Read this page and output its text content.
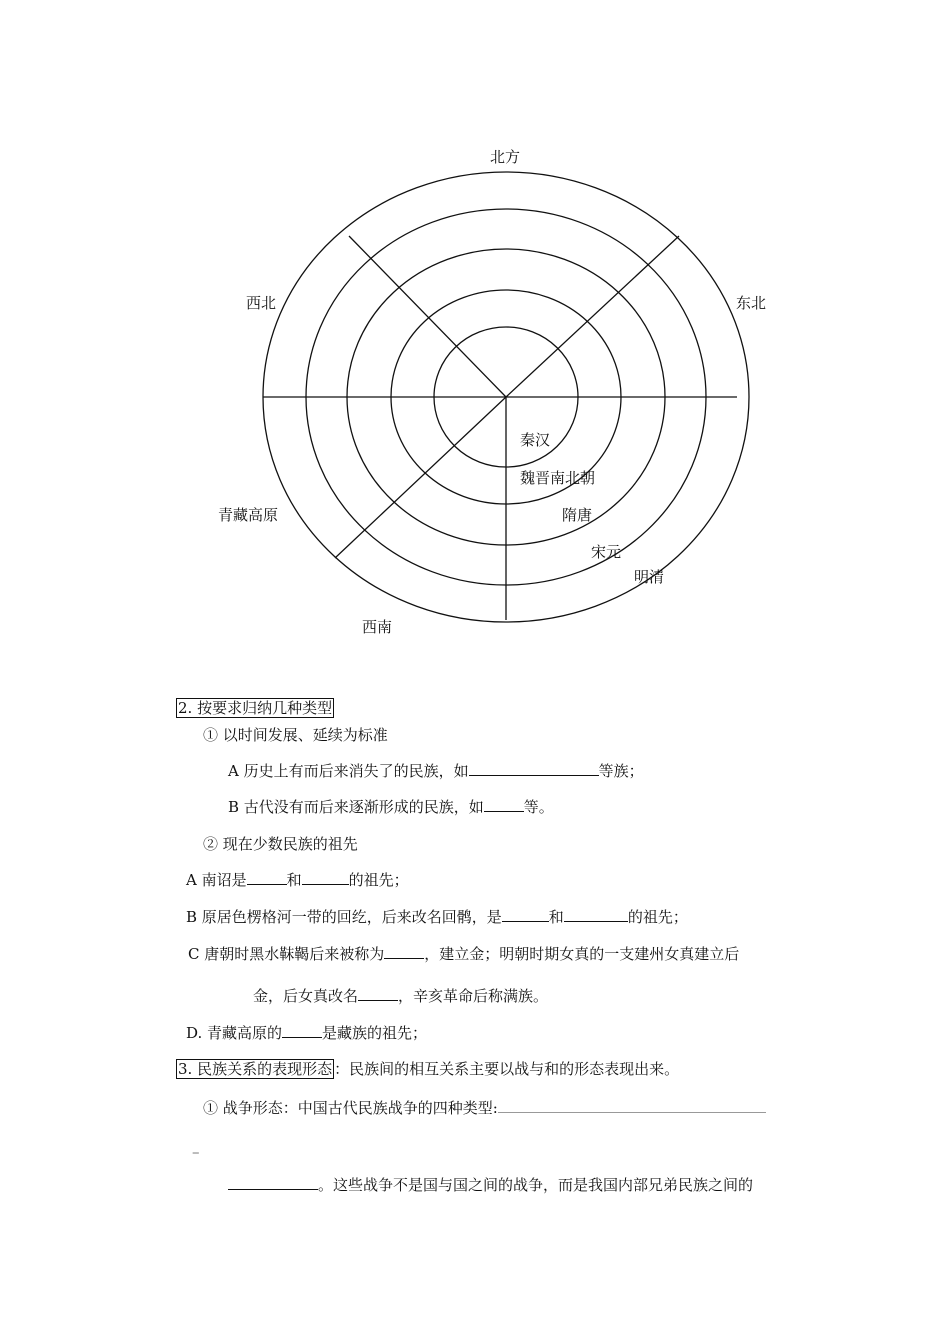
北方
西北	东北
青藏高原
西南
秦汉
魏晋南北朝
隋唐
宋元
明清
2. 按要求归纳几种类型
① 以时间发展、延续为标准
A 历史上有而后来消失了的民族，如	等族；
B 古代没有而后来逐渐形成的民族，如	等。
② 现在少数民族的祖先
A 南诏是	和	的祖先；
B 原居色楞格河一带的回纥，后来改名回鹘，是	和	的祖先；
C 唐朝时黑水靺鞨后来被称为	，建立金；明朝时期女真的一支建州女真建立后
金，后女真改名	，辛亥革命后称满族。
D. 青藏高原的	是藏族的祖先；
3. 民族关系的表现形态 ：民族间的相互关系主要以战与和的形态表现出来。
① 战争形态：中国古代民族战争的四种类型:
–
。这些战争不是国与国之间的战争，而是我国内部兄弟民族之间的
